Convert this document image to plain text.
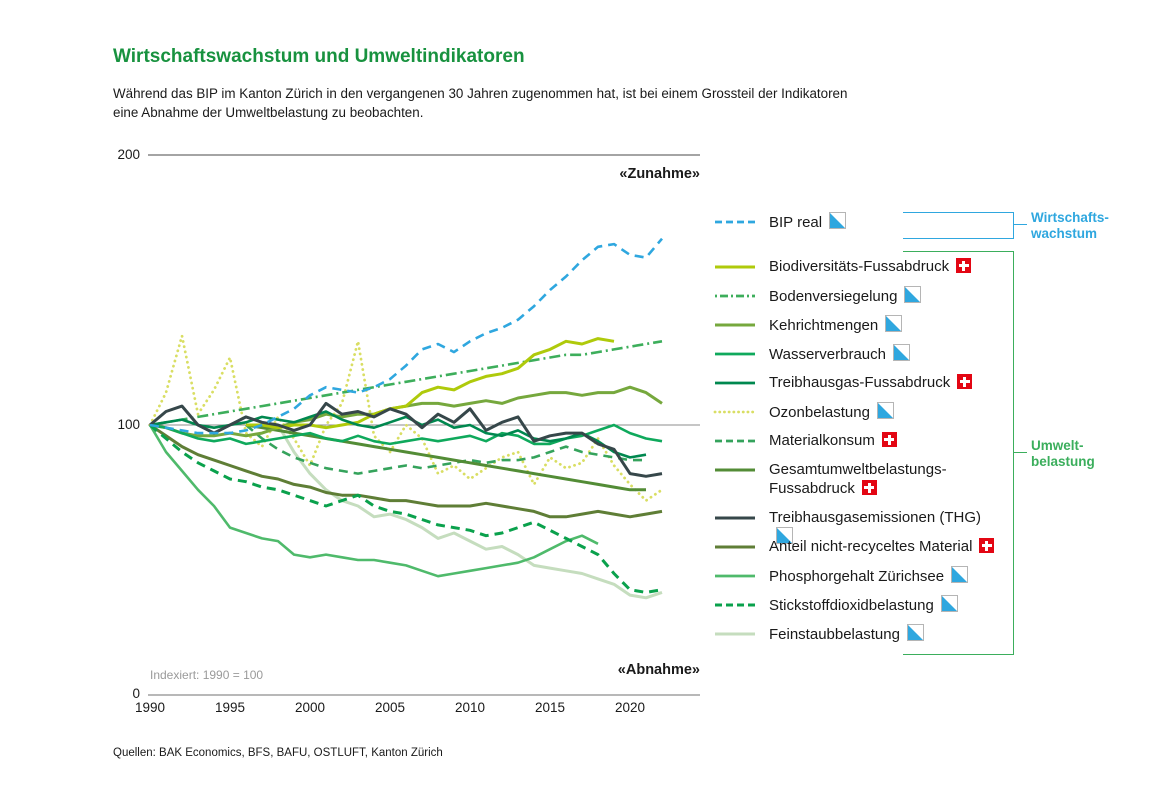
Wirtschaftswachstum und Umweltindikatoren
Während das BIP im Kanton Zürich in den vergangenen 30 Jahren zugenommen hat, ist bei einem Grossteil der Indikatoren
eine Abnahme der Umweltbelastung zu beobachten.
200
100
0
«Zunahme»
«Abnahme»
Indexiert: 1990 = 100
1990	1995	2000	2005	2010	2015	2020
BIP real
Biodiversitäts-Fussabdruck
Bodenversiegelung
Kehrichtmengen
Wasserverbrauch
Treibhausgas-Fussabdruck
Ozonbelastung
Materialkonsum
Gesamtumweltbelastungs-Fussabdruck
Treibhausgasemissionen (THG)
Anteil nicht-recyceltes Material
Phosphorgehalt Zürichsee
Stickstoffdioxidbelastung
Feinstaubbelastung
Wirtschafts-
wachstum
Umwelt-
belastung
Quellen: BAK Economics, BFS, BAFU, OSTLUFT, Kanton Zürich
